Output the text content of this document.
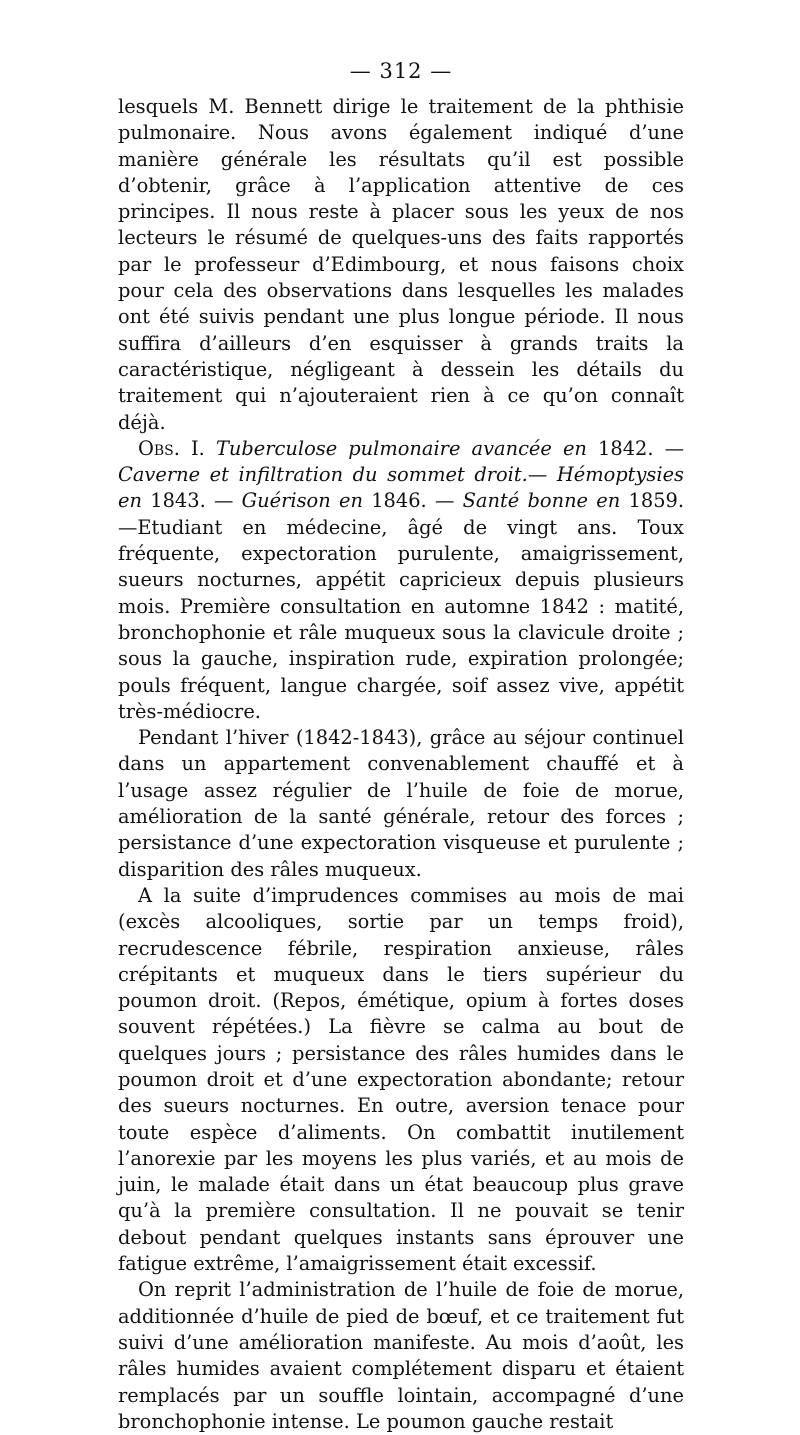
— 312 —

lesquels M. Bennett dirige le traitement de la phthisie pulmonaire. Nous avons également indiqué d’une manière générale les résultats qu’il est possible d’obtenir, grâce à l’application attentive de ces principes. Il nous reste à placer sous les yeux de nos lecteurs le résumé de quelques-uns des faits rapportés par le professeur d’Edimbourg, et nous faisons choix pour cela des observations dans lesquelles les malades ont été suivis pendant une plus longue période. Il nous suffira d’ailleurs d’en esquisser à grands traits la caractéristique, négligeant à dessein les détails du traitement qui n’ajouteraient rien à ce qu’on connaît déjà.

Obs. I. Tuberculose pulmonaire avancée en 1842. — Caverne et infiltration du sommet droit.— Hémoptysies en 1843. — Guérison en 1846. — Santé bonne en 1859. —Etudiant en médecine, âgé de vingt ans. Toux fréquente, expectoration purulente, amaigrissement, sueurs nocturnes, appétit capricieux depuis plusieurs mois. Première consultation en automne 1842 : matité, bronchophonie et râle muqueux sous la clavicule droite ; sous la gauche, inspiration rude, expiration prolongée; pouls fréquent, langue chargée, soif assez vive, appétit très-médiocre.

Pendant l’hiver (1842-1843), grâce au séjour continuel dans un appartement convenablement chauffé et à l’usage assez régulier de l’huile de foie de morue, amélioration de la santé générale, retour des forces ; persistance d’une expectoration visqueuse et purulente ; disparition des râles muqueux.

A la suite d’imprudences commises au mois de mai (excès alcooliques, sortie par un temps froid), recrudescence fébrile, respiration anxieuse, râles crépitants et muqueux dans le tiers supérieur du poumon droit. (Repos, émétique, opium à fortes doses souvent répétées.) La fièvre se calma au bout de quelques jours ; persistance des râles humides dans le poumon droit et d’une expectoration abondante; retour des sueurs nocturnes. En outre, aversion tenace pour toute espèce d’aliments. On combattit inutilement l’anorexie par les moyens les plus variés, et au mois de juin, le malade était dans un état beaucoup plus grave qu’à la première consultation. Il ne pouvait se tenir debout pendant quelques instants sans éprouver une fatigue extrême, l’amaigrissement était excessif.

On reprit l’administration de l’huile de foie de morue, additionnée d’huile de pied de bœuf, et ce traitement fut suivi d’une amélioration manifeste. Au mois d’août, les râles humides avaient complétement disparu et étaient remplacés par un souffle lointain, accompagné d’une bronchophonie intense. Le poumon gauche restait
